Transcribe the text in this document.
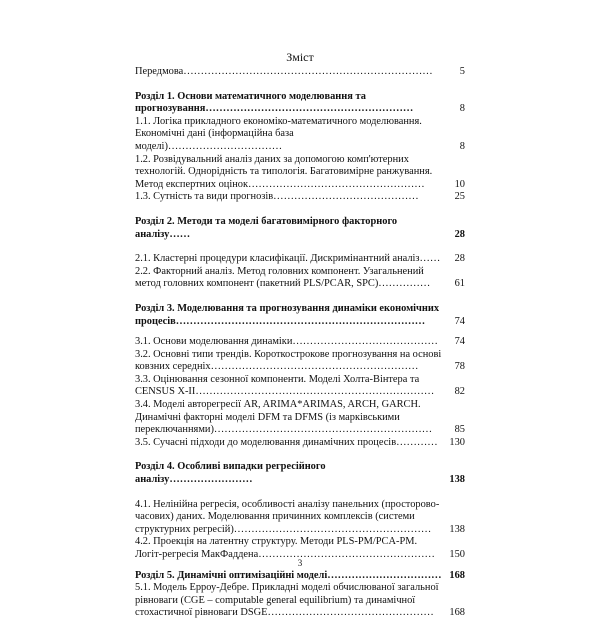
Зміст
Передмова………………………………………………………………	5
Розділ 1. Основи математичного моделювання та
прогнозування……………………………………………………	8
1.1. Логіка прикладного економіко-математичного моделювання.
Економічні дані (інформаційна база моделі)……………………………	8
1.2. Розвідувальний аналіз даних за допомогою комп'ютерних
технологій. Однорідність та типологія. Багатовимірне ранжування.
Метод експертних оцінок……………………………………………	10
1.3. Сутність та види прогнозів……………………………………	25
Розділ 2. Методи та моделі багатовимірного факторного аналізу……	28
2.1. Кластерні процедури класифікації. Дискримінантний аналіз……	28
2.2. Факторний аналіз. Метод головних компонент. Узагальнений
метод головних компонент (пакетний PLS/PCAR, SPC)……………	61
Розділ 3. Моделювання та прогнозування динаміки економічних
процесів………………………………………………………………	74
3.1. Основи моделювання динаміки……………………………………	74
3.2. Основні типи трендів. Короткострокове прогнозування на основі
ковзних середніх……………………………………………………	78
3.3. Оцінювання сезонної компоненти. Моделі Холта-Вінтера та
CENSUS X-II……………………………………………………………	82
3.4. Моделі авторегресії AR, ARIMA*ARIMAS, ARCH, GARCH.
Динамічні факторні моделі DFM та DFMS (із марківськими
переключаннями)………………………………………………………	85
3.5. Сучасні підходи до моделювання динамічних процесів…………	130
Розділ 4. Особливі випадки регресійного аналізу……………………	138
4.1. Нелінійна регресія, особливості аналізу панельних (просторово-
часових) даних. Моделювання причинних комплексів (системи
структурних регресій)…………………………………………………	138
4.2. Проекція на латентну структуру. Методи PLS-PM/PCA-PM.
Логіт-регресія МакФаддена……………………………………………	150
Розділ 5. Динамічні оптимізаційні моделі…………………………… 168
5.1. Модель Ерроу-Дебре. Прикладні моделі обчислюваної загальної
рівноваги (CGE – computable general equilibrium) та динамічної
стохастичної рівноваги DSGE…………………………………………	168
3
